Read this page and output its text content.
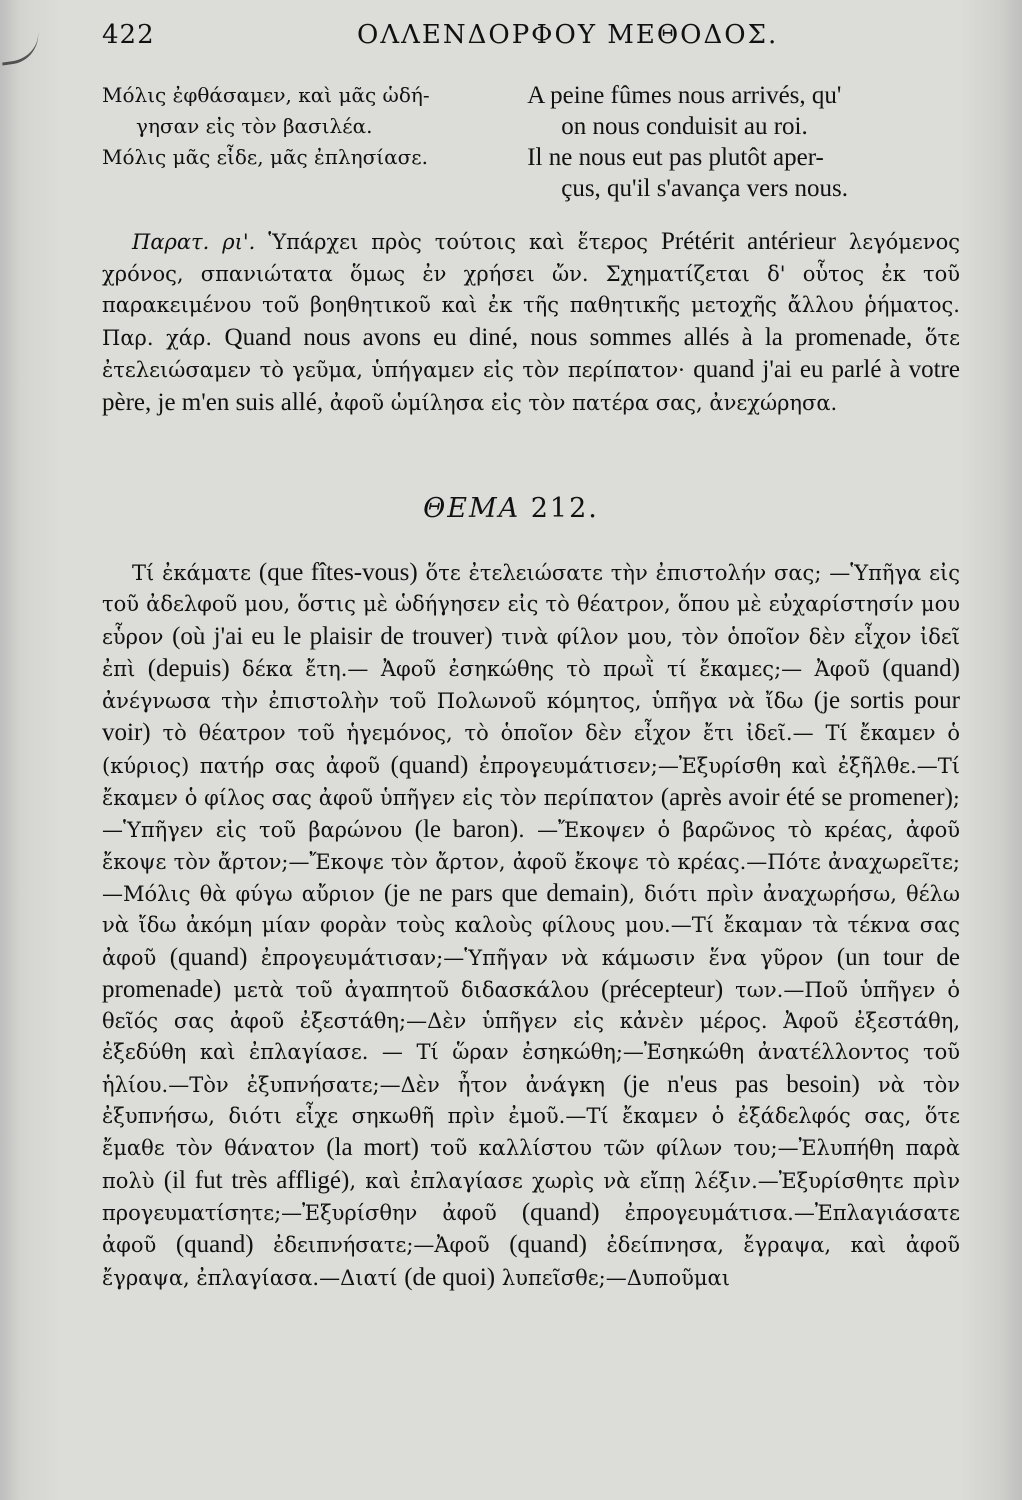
422	ΟΛΛΕΝΔΟΡΦΟΥ ΜΕΘΟΔΟΣ.
Μόλις ἐφθάσαμεν, καὶ μᾶς ὡδή-
γησαν εἰς τὸν βασιλέα.
A peine fûmes nous arrivés, qu'
on nous conduisit au roi.
Μόλις μᾶς εἶδε, μᾶς ἐπλησίασε.	Il ne nous eut pas plutôt aper-
çus, qu'il s'avança vers nous.
Παρατ. ρι'. Ὑπάρχει πρὸς τούτοις καὶ ἕτερος Prétérit antérieur λεγόμενος χρόνος, σπανιώτατα ὅμως ἐν χρήσει ὤν. Σχηματίζεται δ' οὗτος ἐκ τοῦ παρακειμένου τοῦ βοηθητικοῦ καὶ ἐκ τῆς παθητικῆς μετοχῆς ἄλλου ῥήματος. Παρ. χάρ. Quand nous avons eu diné, nous sommes allés à la promenade, ὅτε ἐτελειώσαμεν τὸ γεῦμα, ὑπήγαμεν εἰς τὸν περίπατον· quand j'ai eu parlé à votre père, je m'en suis allé, ἀφοῦ ὡμίλησα εἰς τὸν πατέρα σας, ἀνεχώρησα.
ΘΕΜΑ 212.
Τί ἐκάματε (que fîtes-vous) ὅτε ἐτελειώσατε τὴν ἐπιστολήν σας; —Ὑπῆγα εἰς τοῦ ἀδελφοῦ μου, ὅστις μὲ ὡδήγησεν εἰς τὸ θέατρον, ὅπου μὲ εὐχαρίστησίν μου εὗρον (où j'ai eu le plaisir de trouver) τινὰ φίλον μου, τὸν ὁποῖον δὲν εἶχον ἰδεῖ ἐπὶ (depuis) δέκα ἔτη.— Ἀφοῦ ἐσηκώθης τὸ πρωῒ τί ἔκαμες;— Ἀφοῦ (quand) ἀνέγνωσα τὴν ἐπιστολὴν τοῦ Πολωνοῦ κόμητος, ὑπῆγα νὰ ἴδω (je sortis pour voir) τὸ θέατρον τοῦ ἡγεμόνος, τὸ ὁποῖον δὲν εἶχον ἔτι ἰδεῖ.— Τί ἔκαμεν ὁ (κύριος) πατήρ σας ἀφοῦ (quand) ἐπρογευμάτισεν;—Ἐξυρίσθη καὶ ἐξῆλθε.—Τί ἔκαμεν ὁ φίλος σας ἀφοῦ ὑπῆγεν εἰς τὸν περίπατον (après avoir été se promener);—Ὑπῆγεν εἰς τοῦ βαρώνου (le baron). —Ἔκοψεν ὁ βαρῶνος τὸ κρέας, ἀφοῦ ἔκοψε τὸν ἄρτον;—Ἔκοψε τὸν ἄρτον, ἀφοῦ ἔκοψε τὸ κρέας.—Πότε ἀναχωρεῖτε;—Μόλις θὰ φύγω αὔριον (je ne pars que demain), διότι πρὶν ἀναχωρήσω, θέλω νὰ ἴδω ἀκόμη μίαν φορὰν τοὺς καλοὺς φίλους μου.—Τί ἔκαμαν τὰ τέκνα σας ἀφοῦ (quand) ἐπρογευμάτισαν;—Ὑπῆγαν νὰ κάμωσιν ἕνα γῦρον (un tour de promenade) μετὰ τοῦ ἀγαπητοῦ διδασκάλου (précepteur) των.—Ποῦ ὑπῆγεν ὁ θεῖός σας ἀφοῦ ἐξεστάθη;—Δὲν ὑπῆγεν εἰς κἀνὲν μέρος. Ἀφοῦ ἐξεστάθη, ἐξεδύθη καὶ ἐπλαγίασε. — Τί ὥραν ἐσηκώθη;—Ἐσηκώθη ἀνατέλλοντος τοῦ ἡλίου.—Τὸν ἐξυπνήσατε;—Δὲν ἦτον ἀνάγκη (je n'eus pas besoin) νὰ τὸν ἐξυπνήσω, διότι εἶχε σηκωθῆ πρὶν ἐμοῦ.—Τί ἔκαμεν ὁ ἐξάδελφός σας, ὅτε ἔμαθε τὸν θάνατον (la mort) τοῦ καλλίστου τῶν φίλων του;—Ἐλυπήθη παρὰ πολὺ (il fut très affligé), καὶ ἐπλαγίασε χωρὶς νὰ εἴπῃ λέξιν.—Ἐξυρίσθητε πρὶν προγευματίσητε;—Ἐξυρίσθην ἀφοῦ (quand) ἐπρογευμάτισα.—Ἐπλαγιάσατε ἀφοῦ (quand) ἐδειπνήσατε;—Ἀφοῦ (quand) ἐδείπνησα, ἔγραψα, καὶ ἀφοῦ ἔγραψα, ἐπλαγίασα.—Διατί (de quoi) λυπεῖσθε;—Δυποῦμαι
